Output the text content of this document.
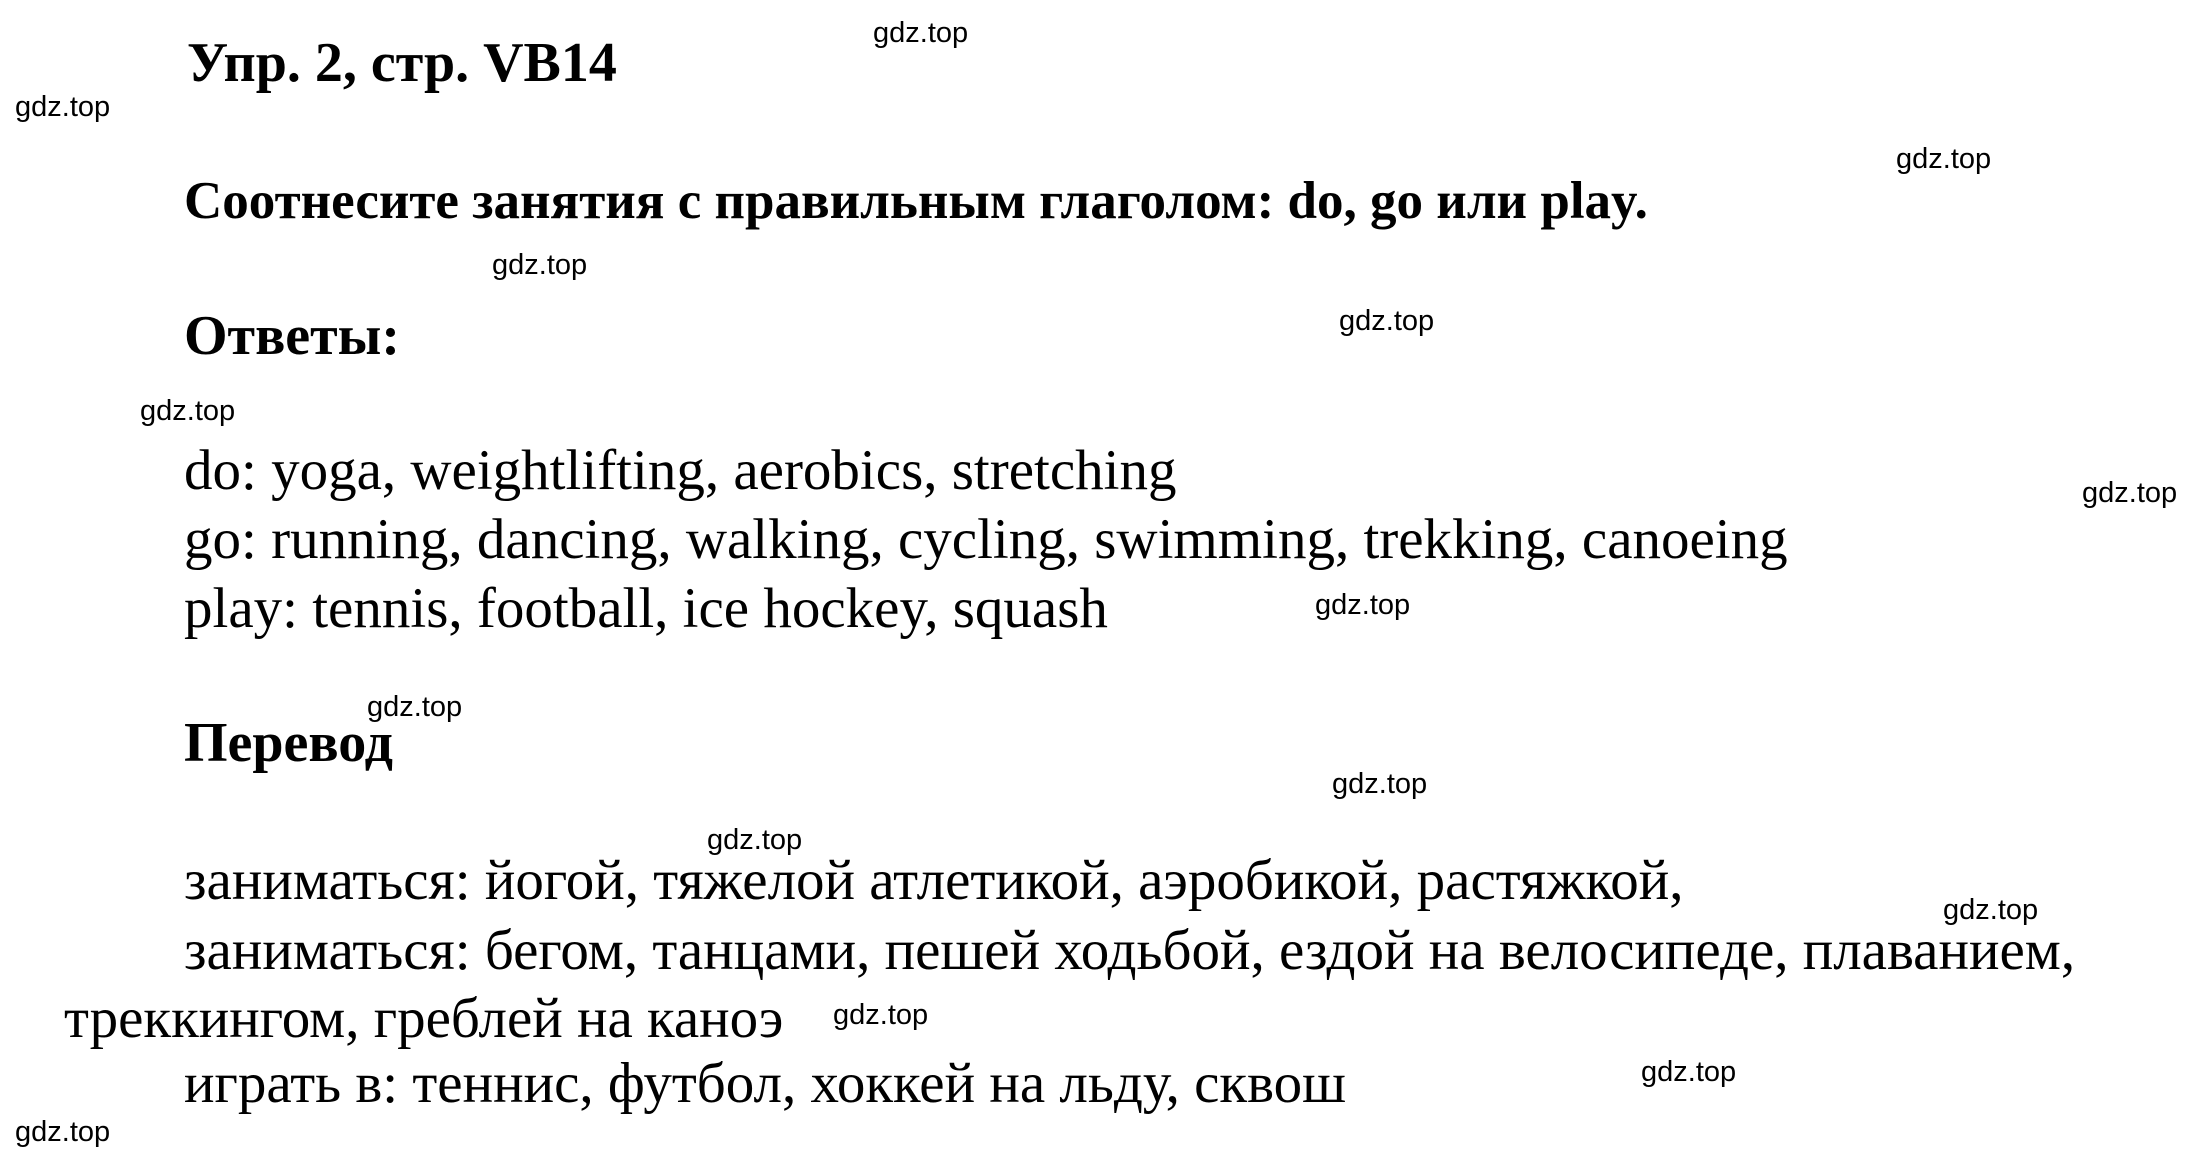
Упр. 2, стр. VB14
Соотнесите занятия с правильным глаголом: do, go или play.
Ответы:
do: yoga, weightlifting, aerobics, stretching
go: running, dancing, walking, cycling, swimming, trekking, canoeing
play: tennis, football, ice hockey, squash
Перевод
заниматься: йогой, тяжелой атлетикой, аэробикой, растяжкой,
заниматься: бегом, танцами, пешей ходьбой, ездой на велосипеде, плаванием,
треккингом, греблей на каноэ
играть в: теннис, футбол, хоккей на льду, сквош
gdz.top
gdz.top
gdz.top
gdz.top
gdz.top
gdz.top
gdz.top
gdz.top
gdz.top
gdz.top
gdz.top
gdz.top
gdz.top
gdz.top
gdz.top
